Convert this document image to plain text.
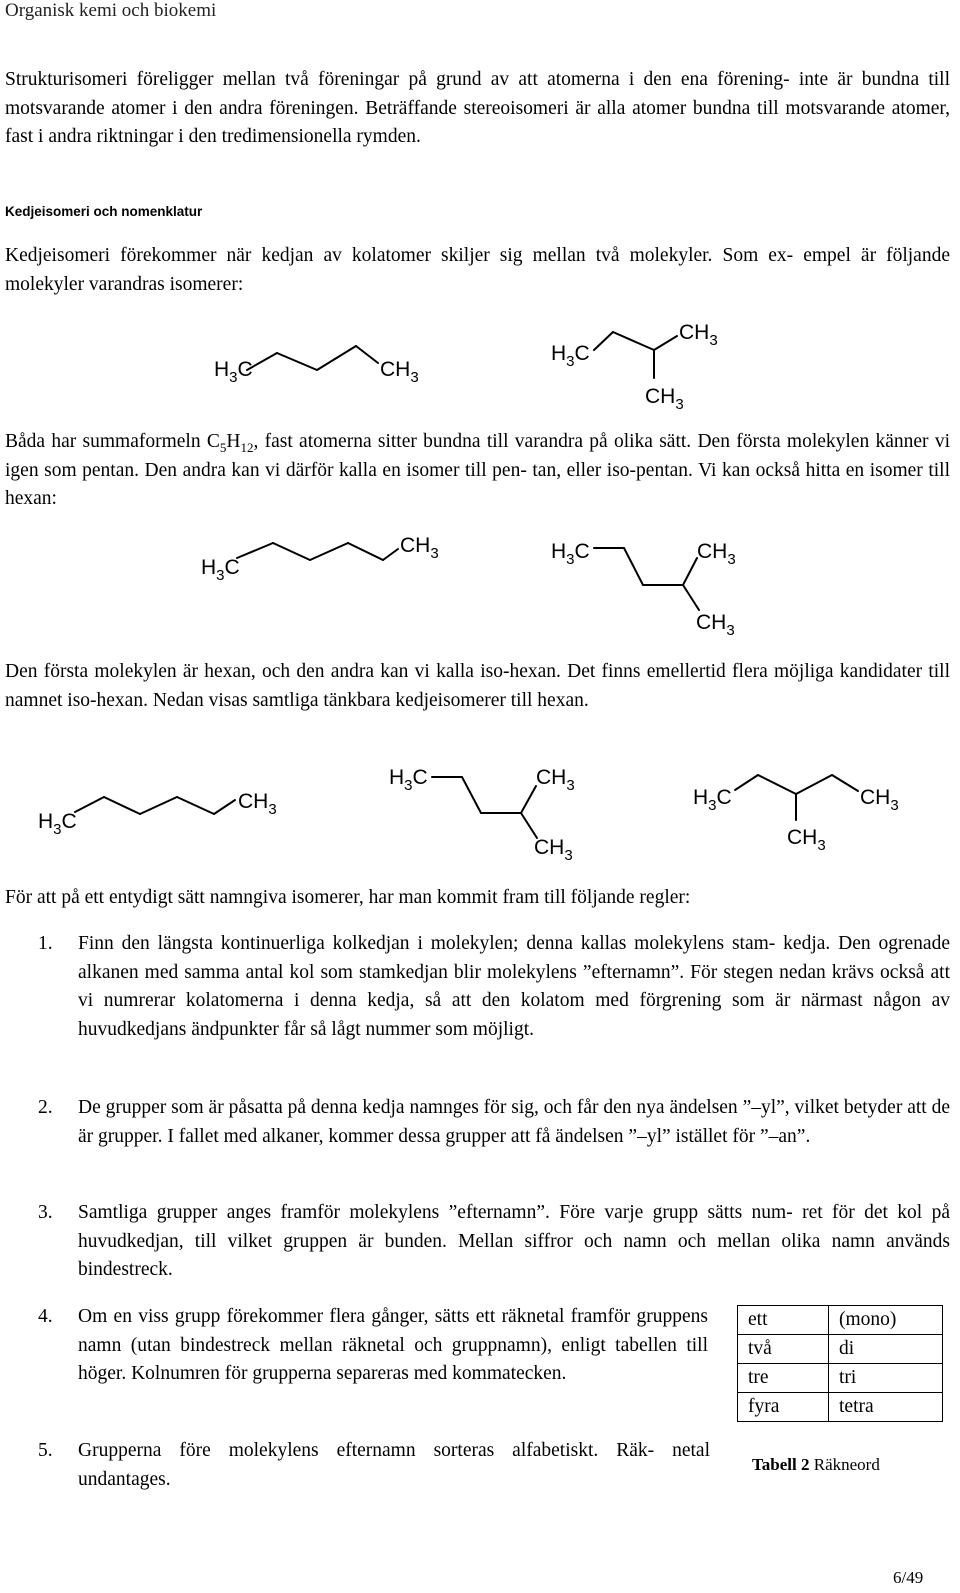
Organisk kemi och biokemi

Strukturisomeri föreligger mellan två föreningar på grund av att atomerna i den ena förening- inte är bundna till motsvarande atomer i den andra föreningen. Beträffande stereoisomeri är alla atomer bundna till motsvarande atomer, fast i andra riktningar i den tredimensionella rymden.

Kedjeisomeri och nomenklatur

Kedjeisomeri förekommer när kedjan av kolatomer skiljer sig mellan två molekyler. Som ex- empel är följande molekyler varandras isomerer:

$H_3C$	$CH_3$
$H_3C$
$CH_3$
$CH_3$

Båda har summaformeln $C_5H_{12}$, fast atomerna sitter bundna till varandra på olika sätt. Den första molekylen känner vi igen som pentan. Den andra kan vi därför kalla en isomer till pen- tan, eller iso-pentan. Vi kan också hitta en isomer till hexan:

$H_3C$
$CH_3$	$H_3C$	$CH_3$
$CH_3$

Den första molekylen är hexan, och den andra kan vi kalla iso-hexan. Det finns emellertid flera möjliga kandidater till namnet iso-hexan. Nedan visas samtliga tänkbara kedjeisomerer till hexan.

$H_3C$
$CH_3$
$H_3C$	$CH_3$
$CH_3$
$H_3C$	$CH_3$
$CH_3$

För att på ett entydigt sätt namngiva isomerer, har man kommit fram till följande regler:

1. Finn den längsta kontinuerliga kolkedjan i molekylen; denna kallas molekylens stam- kedja. Den ogrenade alkanen med samma antal kol som stamkedjan blir molekylens ”efternamn”. För stegen nedan krävs också att vi numrerar kolatomerna i denna kedja, så att den kolatom med förgrening som är närmast någon av huvudkedjans ändpunkter får så lågt nummer som möjligt.

2. De grupper som är påsatta på denna kedja namnges för sig, och får den nya ändelsen ”–yl”, vilket betyder att de är grupper. I fallet med alkaner, kommer dessa grupper att få ändelsen ”–yl” istället för ”–an”.

3. Samtliga grupper anges framför molekylens ”efternamn”. Före varje grupp sätts num- ret för det kol på huvudkedjan, till vilket gruppen är bunden. Mellan siffror och namn och mellan olika namn används bindestreck.

4. Om en viss grupp förekommer flera gånger, sätts ett räknetal framför gruppens namn (utan bindestreck mellan räknetal och gruppnamn), enligt tabellen till höger. Kolnumren för grupperna separeras med kommatecken.

5. Grupperna före molekylens efternamn sorteras alfabetiskt. Räk- netal undantages.

ett	(mono)
två	di
tre	tri
fyra	tetra
Tabell 2 Räkneord
6/49
